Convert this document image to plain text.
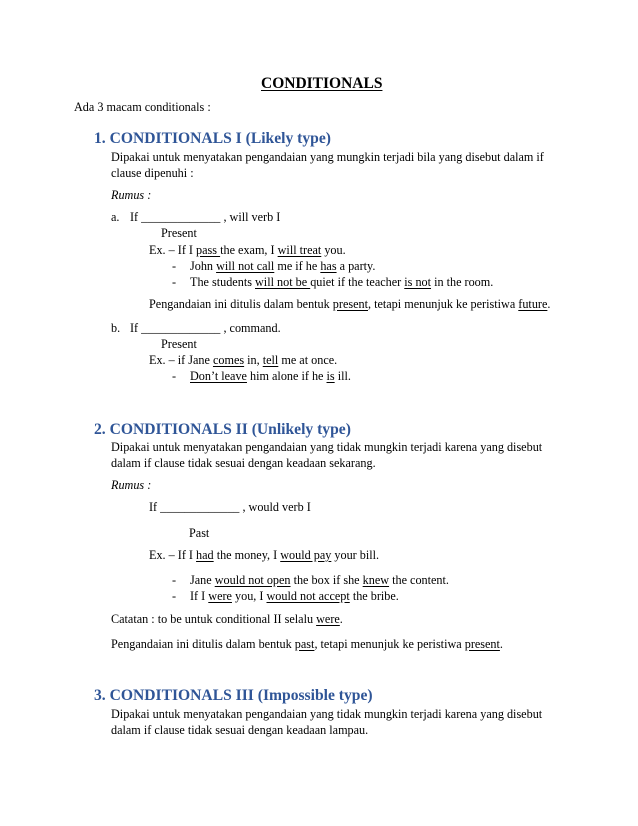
CONDITIONALS
Ada 3 macam conditionals :
1. CONDITIONALS I (Likely type)
Dipakai untuk menyatakan pengandaian yang mungkin terjadi bila yang disebut dalam if
clause dipenuhi :
Rumus :
a. If _____________ , will verb I
Present
Ex. – If I pass the exam, I will treat you.
- John will not call me if he has a party.
- The students will not be quiet if the teacher is not in the room.
Pengandaian ini ditulis dalam bentuk present, tetapi menunjuk ke peristiwa future.
b. If _____________ , command.
Present
Ex. – if Jane comes in, tell me at once.
- Don’t leave him alone if he is ill.
2. CONDITIONALS II (Unlikely type)
Dipakai untuk menyatakan pengandaian yang tidak mungkin terjadi karena yang disebut
dalam if clause tidak sesuai dengan keadaan sekarang.
Rumus :
If _____________ , would verb I
Past
Ex. – If I had the money, I would pay your bill.
- Jane would not open the box if she knew the content.
- If I were you, I would not accept the bribe.
Catatan : to be untuk conditional II selalu were.
Pengandaian ini ditulis dalam bentuk past, tetapi menunjuk ke peristiwa present.
3. CONDITIONALS III (Impossible type)
Dipakai untuk menyatakan pengandaian yang tidak mungkin terjadi karena yang disebut
dalam if clause tidak sesuai dengan keadaan lampau.
